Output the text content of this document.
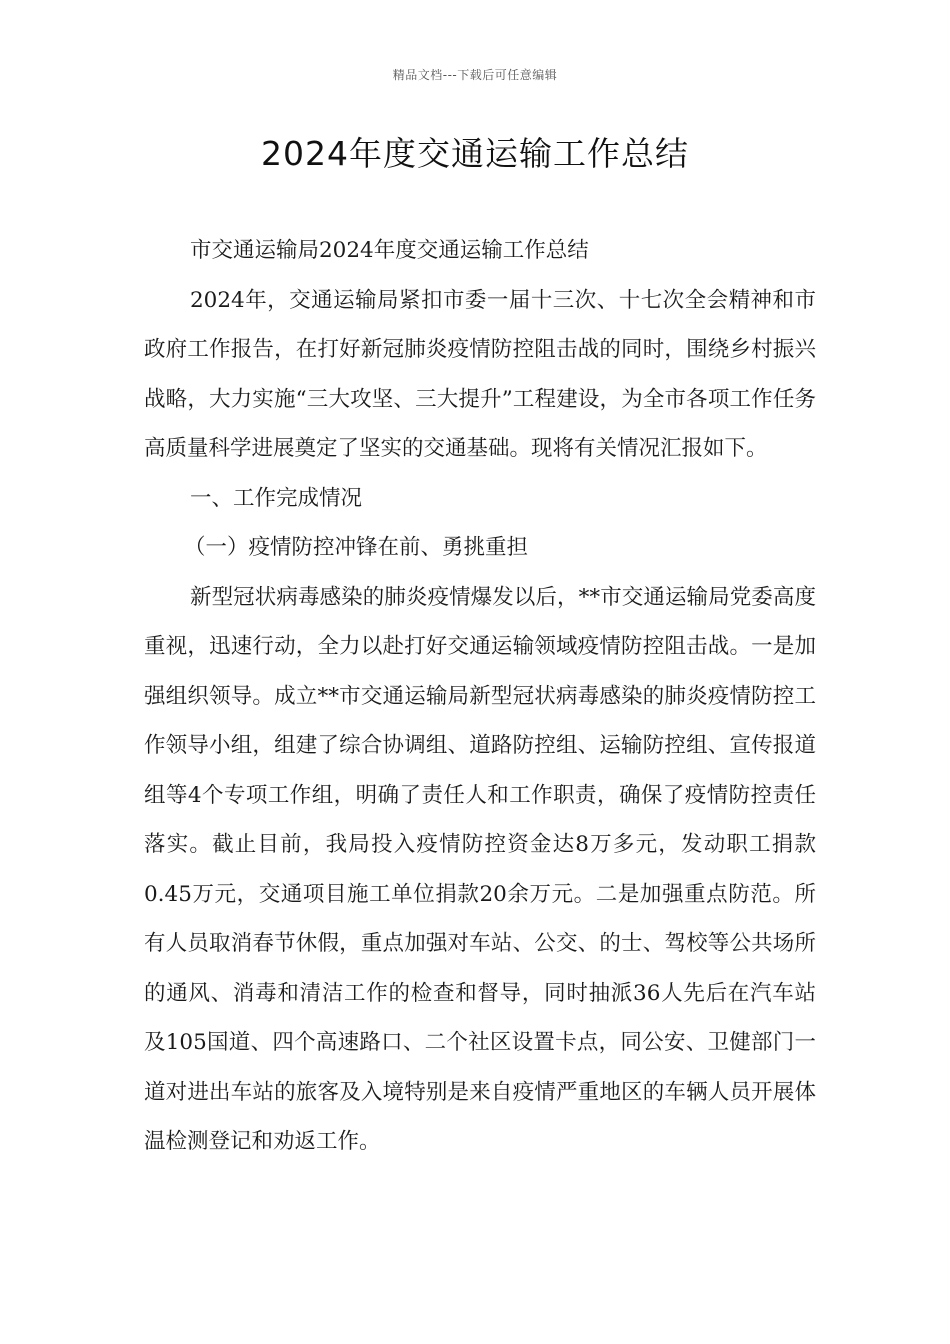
精品文档---下载后可任意编辑
2024年度交通运输工作总结

市交通运输局2024年度交通运输工作总结

2024年，交通运输局紧扣市委一届十三次、十七次全会精神和市政府工作报告，在打好新冠肺炎疫情防控阻击战的同时，围绕乡村振兴战略，大力实施“三大攻坚、三大提升”工程建设，为全市各项工作任务高质量科学进展奠定了坚实的交通基础。现将有关情况汇报如下。

一、工作完成情况

（一）疫情防控冲锋在前、勇挑重担

新型冠状病毒感染的肺炎疫情爆发以后，**市交通运输局党委高度重视，迅速行动，全力以赴打好交通运输领域疫情防控阻击战。一是加强组织领导。成立**市交通运输局新型冠状病毒感染的肺炎疫情防控工作领导小组，组建了综合协调组、道路防控组、运输防控组、宣传报道组等4个专项工作组，明确了责任人和工作职责，确保了疫情防控责任落实。截止目前，我局投入疫情防控资金达8万多元，发动职工捐款0.45万元，交通项目施工单位捐款20余万元。二是加强重点防范。所有人员取消春节休假，重点加强对车站、公交、的士、驾校等公共场所的通风、消毒和清洁工作的检查和督导，同时抽派36人先后在汽车站及105国道、四个高速路口、二个社区设置卡点，同公安、卫健部门一道对进出车站的旅客及入境特别是来自疫情严重地区的车辆人员开展体温检测登记和劝返工作。
